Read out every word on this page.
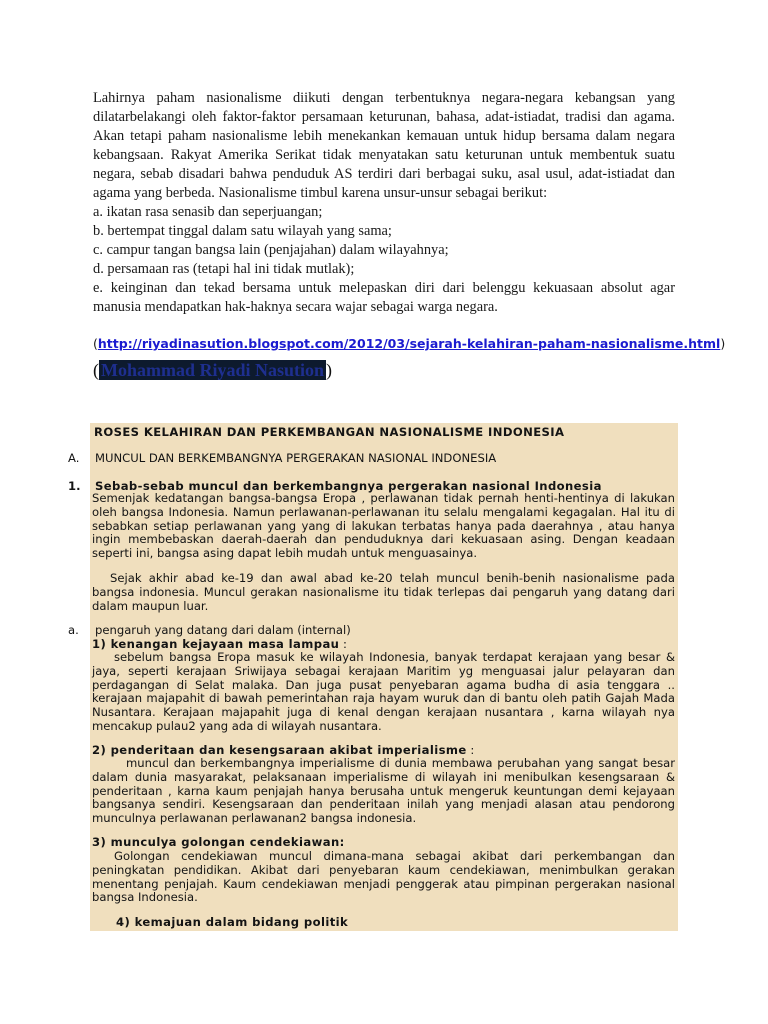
Lahirnya paham nasionalisme diikuti dengan terbentuknya negara-negara kebangsan yang dilatarbelakangi oleh faktor-faktor persamaan keturunan, bahasa, adat-istiadat, tradisi dan agama. Akan tetapi paham nasionalisme lebih menekankan kemauan untuk hidup bersama dalam negara kebangsaan. Rakyat Amerika Serikat tidak menyatakan satu keturunan untuk membentuk suatu negara, sebab disadari bahwa penduduk AS terdiri dari berbagai suku, asal usul, adat-istiadat dan agama yang berbeda. Nasionalisme timbul karena unsur-unsur sebagai berikut:

a. ikatan rasa senasib dan seperjuangan;
b. bertempat tinggal dalam satu wilayah yang sama;
c. campur tangan bangsa lain (penjajahan) dalam wilayahnya;
d. persamaan ras (tetapi hal ini tidak mutlak);

e. keinginan dan tekad bersama untuk melepaskan diri dari belenggu kekuasaan absolut agar manusia mendapatkan hak-haknya secara wajar sebagai warga negara.

(http://riyadinasution.blogspot.com/2012/03/sejarah-kelahiran-paham-nasionalisme.html)
( Mohammad Riyadi Nasution )
ROSES KELAHIRAN DAN PERKEMBANGAN NASIONALISME INDONESIA
A. MUNCUL DAN BERKEMBANGNYA PERGERAKAN NASIONAL INDONESIA
1. Sebab-sebab muncul dan berkembangnya pergerakan nasional Indonesia
Semenjak kedatangan bangsa-bangsa Eropa , perlawanan tidak pernah henti-hentinya di lakukan oleh bangsa Indonesia. Namun perlawanan-perlawanan itu selalu mengalami kegagalan. Hal itu di sebabkan setiap perlawanan yang yang di lakukan terbatas hanya pada daerahnya , atau hanya ingin membebaskan daerah-daerah dan penduduknya dari kekuasaan asing. Dengan keadaan seperti ini, bangsa asing dapat lebih mudah untuk menguasainya.
Sejak akhir abad ke-19 dan awal abad ke-20 telah muncul benih-benih nasionalisme pada bangsa indonesia. Muncul gerakan nasionalisme itu tidak terlepas dai pengaruh yang datang dari dalam maupun luar.
a. pengaruh yang datang dari dalam (internal)
1) kenangan kejayaan masa lampau :
sebelum bangsa Eropa masuk ke wilayah Indonesia, banyak terdapat kerajaan yang besar & jaya, seperti kerajaan Sriwijaya sebagai kerajaan Maritim yg menguasai jalur pelayaran dan perdagangan di Selat malaka. Dan juga pusat penyebaran agama budha di asia tenggara .. kerajaan majapahit di bawah pemerintahan raja hayam wuruk dan di bantu oleh patih Gajah Mada Nusantara. Kerajaan majapahit juga di kenal dengan kerajaan nusantara , karna wilayah nya mencakup pulau2 yang ada di wilayah nusantara.
2) penderitaan dan kesengsaraan akibat imperialisme :
muncul dan berkembangnya imperialisme di dunia membawa perubahan yang sangat besar dalam dunia masyarakat, pelaksanaan imperialisme di wilayah ini menibulkan kesengsaraan & penderitaan , karna kaum penjajah hanya berusaha untuk mengeruk keuntungan demi kejayaan bangsanya sendiri. Kesengsaraan dan penderitaan inilah yang menjadi alasan atau pendorong munculnya perlawanan perlawanan2 bangsa indonesia.
3) munculya golongan cendekiawan:
Golongan cendekiawan muncul dimana-mana sebagai akibat dari perkembangan dan peningkatan pendidikan. Akibat dari penyebaran kaum cendekiawan, menimbulkan gerakan menentang penjajah. Kaum cendekiawan menjadi penggerak atau pimpinan pergerakan nasional bangsa Indonesia.
4) kemajuan dalam bidang politik
